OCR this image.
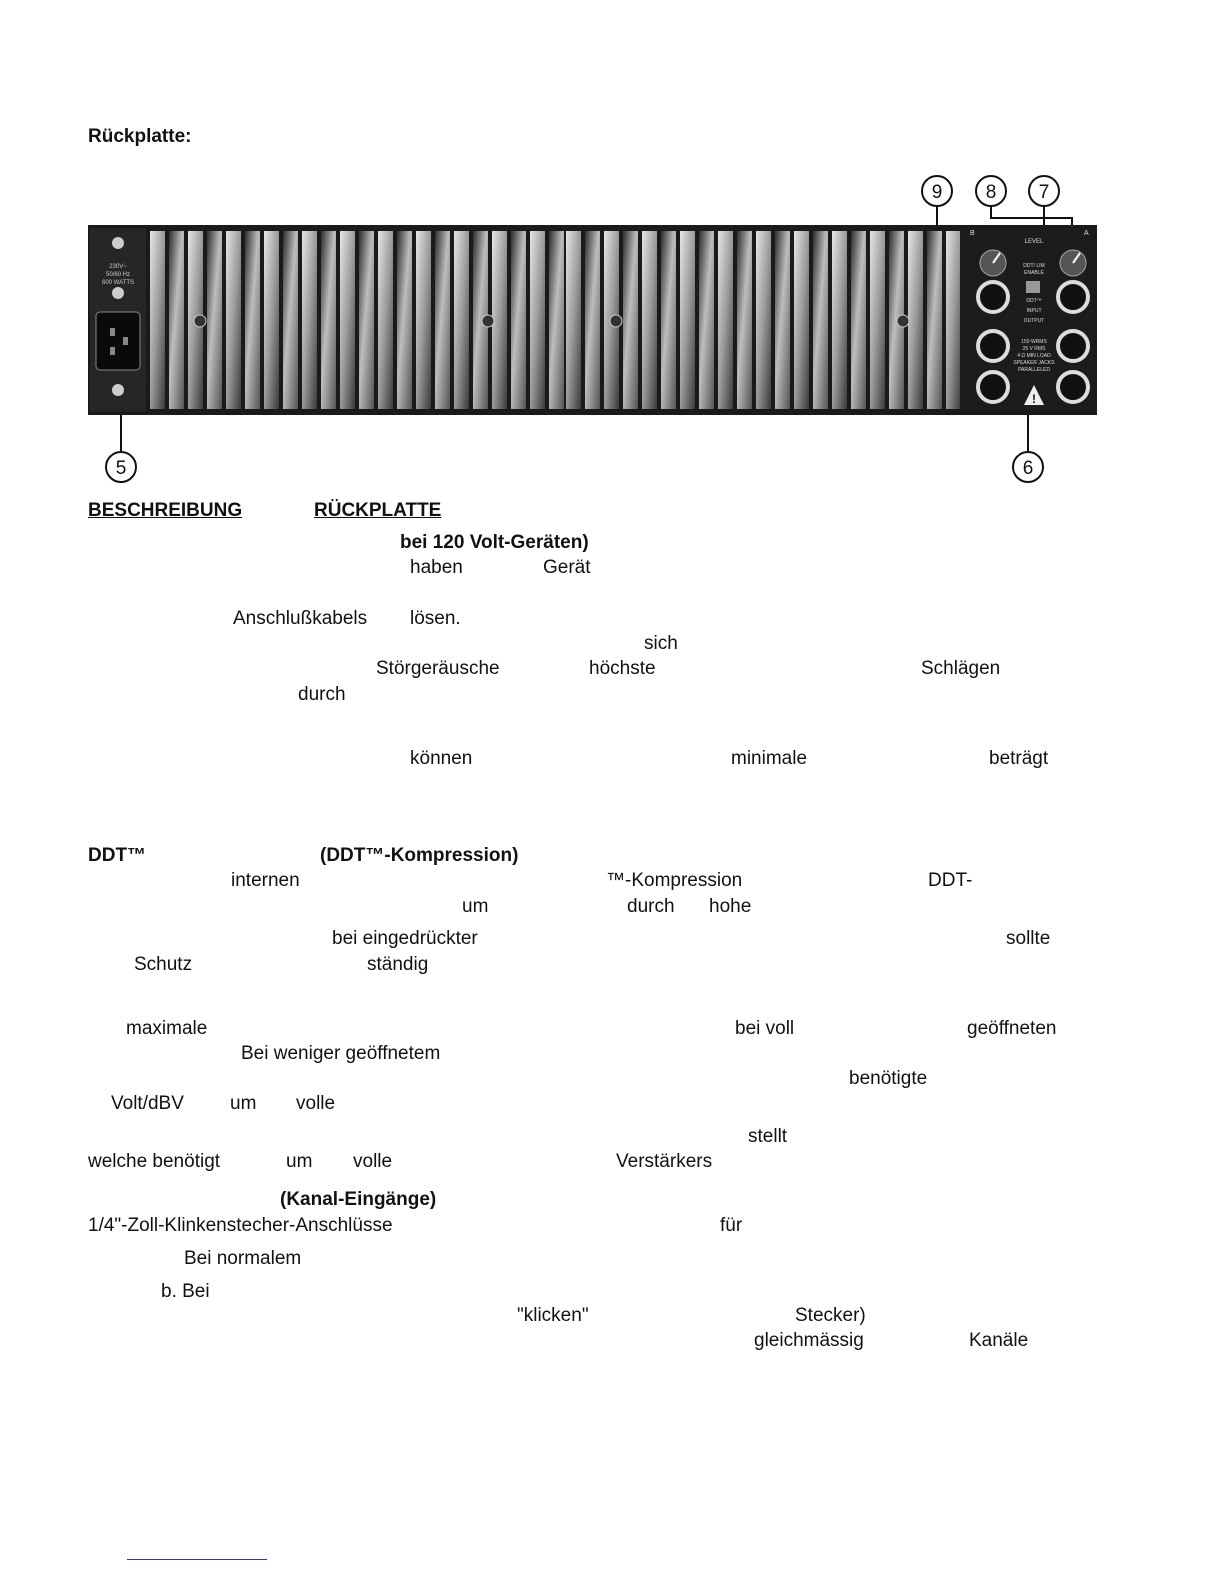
Rückplatte:
9 8 7
5	6
230V~
50/60 Hz
600 WATTS
LEVEL
B	A
DDT/ LIM
ENABLE
DDT™
INPUT
OUTPUT
150 WRMS
25 V RMS
4 Ω MIN LOAD
SPEAKER JACKS
PARALLELED
!
BESCHREIBUNG	RÜCKPLATTE
bei 120 Volt-Geräten)
haben	Gerät
Anschlußkabels lösen.
sich
Störgeräusche	höchste	Schlägen
durch
können	minimale	beträgt
DDT™	(DDT™-Kompression)
internen	™-Kompression	DDT-
um	durch hohe
bei eingedrückter	sollte
Schutz	ständig
maximale	bei voll	geöffneten
Bei weniger geöffnetem
benötigte
Volt/dBV um volle
stellt
welche benötigt	um volle	Verstärkers
(Kanal-Eingänge)
1/4"-Zoll-Klinkenstecher-Anschlüsse	für
Bei normalem
b. Bei
"klicken"	Stecker)
gleichmässig	Kanäle
